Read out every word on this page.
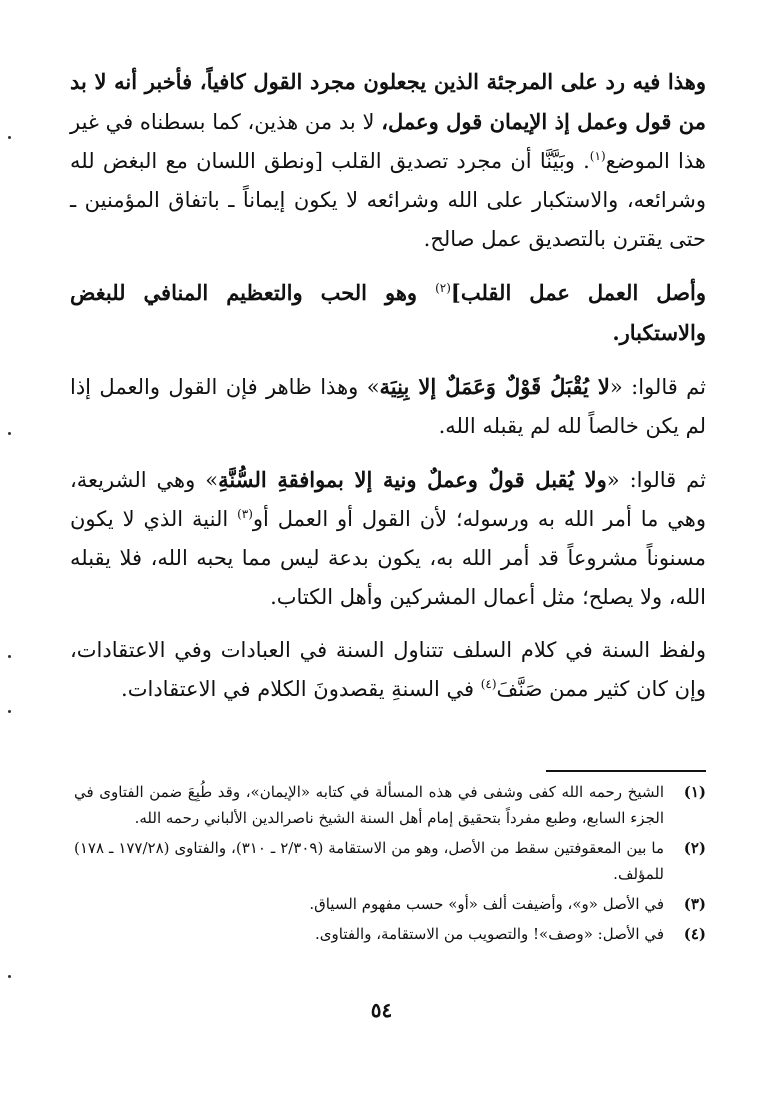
وهذا فيه رد على المرجئة الذين يجعلون مجرد القول كافياً، فأخبر أنه لا بد من قول وعمل إذ الإيمان قول وعمل، لا بد من هذين، كما بسطناه في غير هذا الموضع$^{(١)}$. وبَيَّنَّا أن مجرد تصديق القلب [ونطق اللسان مع البغض لله وشرائعه، والاستكبار على الله وشرائعه لا يكون إيماناً ـ باتفاق المؤمنين ـ حتى يقترن بالتصديق عمل صالح.

وأصل العمل عمل القلب]$^{(٢)}$ وهو الحب والتعظيم المنافي للبغض والاستكبار.

ثم قالوا: «لا يُقْبَلُ قَوْلٌ وَعَمَلٌ إلا بِنِيَة» وهذا ظاهر فإن القول والعمل إذا لم يكن خالصاً لله لم يقبله الله.

ثم قالوا: «ولا يُقبل قولٌ وعملٌ ونية إلا بموافقةِ السُّنَّةِ» وهي الشريعة، وهي ما أمر الله به ورسوله؛ لأن القول أو العمل أو$^{(٣)}$ النية الذي لا يكون مسنوناً مشروعاً قد أمر الله به، يكون بدعة ليس مما يحبه الله، فلا يقبله الله، ولا يصلح؛ مثل أعمال المشركين وأهل الكتاب.

ولفظ السنة في كلام السلف تتناول السنة في العبادات وفي الاعتقادات، وإن كان كثير ممن صَنَّفَ$^{(٤)}$ في السنةِ يقصدونَ الكلام في الاعتقادات.

(١)
الشيخ رحمه الله كفى وشفى في هذه المسألة في كتابه «الإيمان»، وقد طُبِعَ ضمن الفتاوى في الجزء السابع، وطبع مفرداً بتحقيق إمام أهل السنة الشيخ ناصرالدين الألباني رحمه الله.
(٢)
ما بين المعقوفتين سقط من الأصل، وهو من الاستقامة (٢/٣٠٩ ـ ٣١٠)، والفتاوى (١٧٧/٢٨ ـ ١٧٨) للمؤلف.
(٣)
في الأصل «و»، وأضيفت ألف «أو» حسب مفهوم السياق.
(٤)
في الأصل: «وصف»! والتصويب من الاستقامة، والفتاوى.
٥٤
